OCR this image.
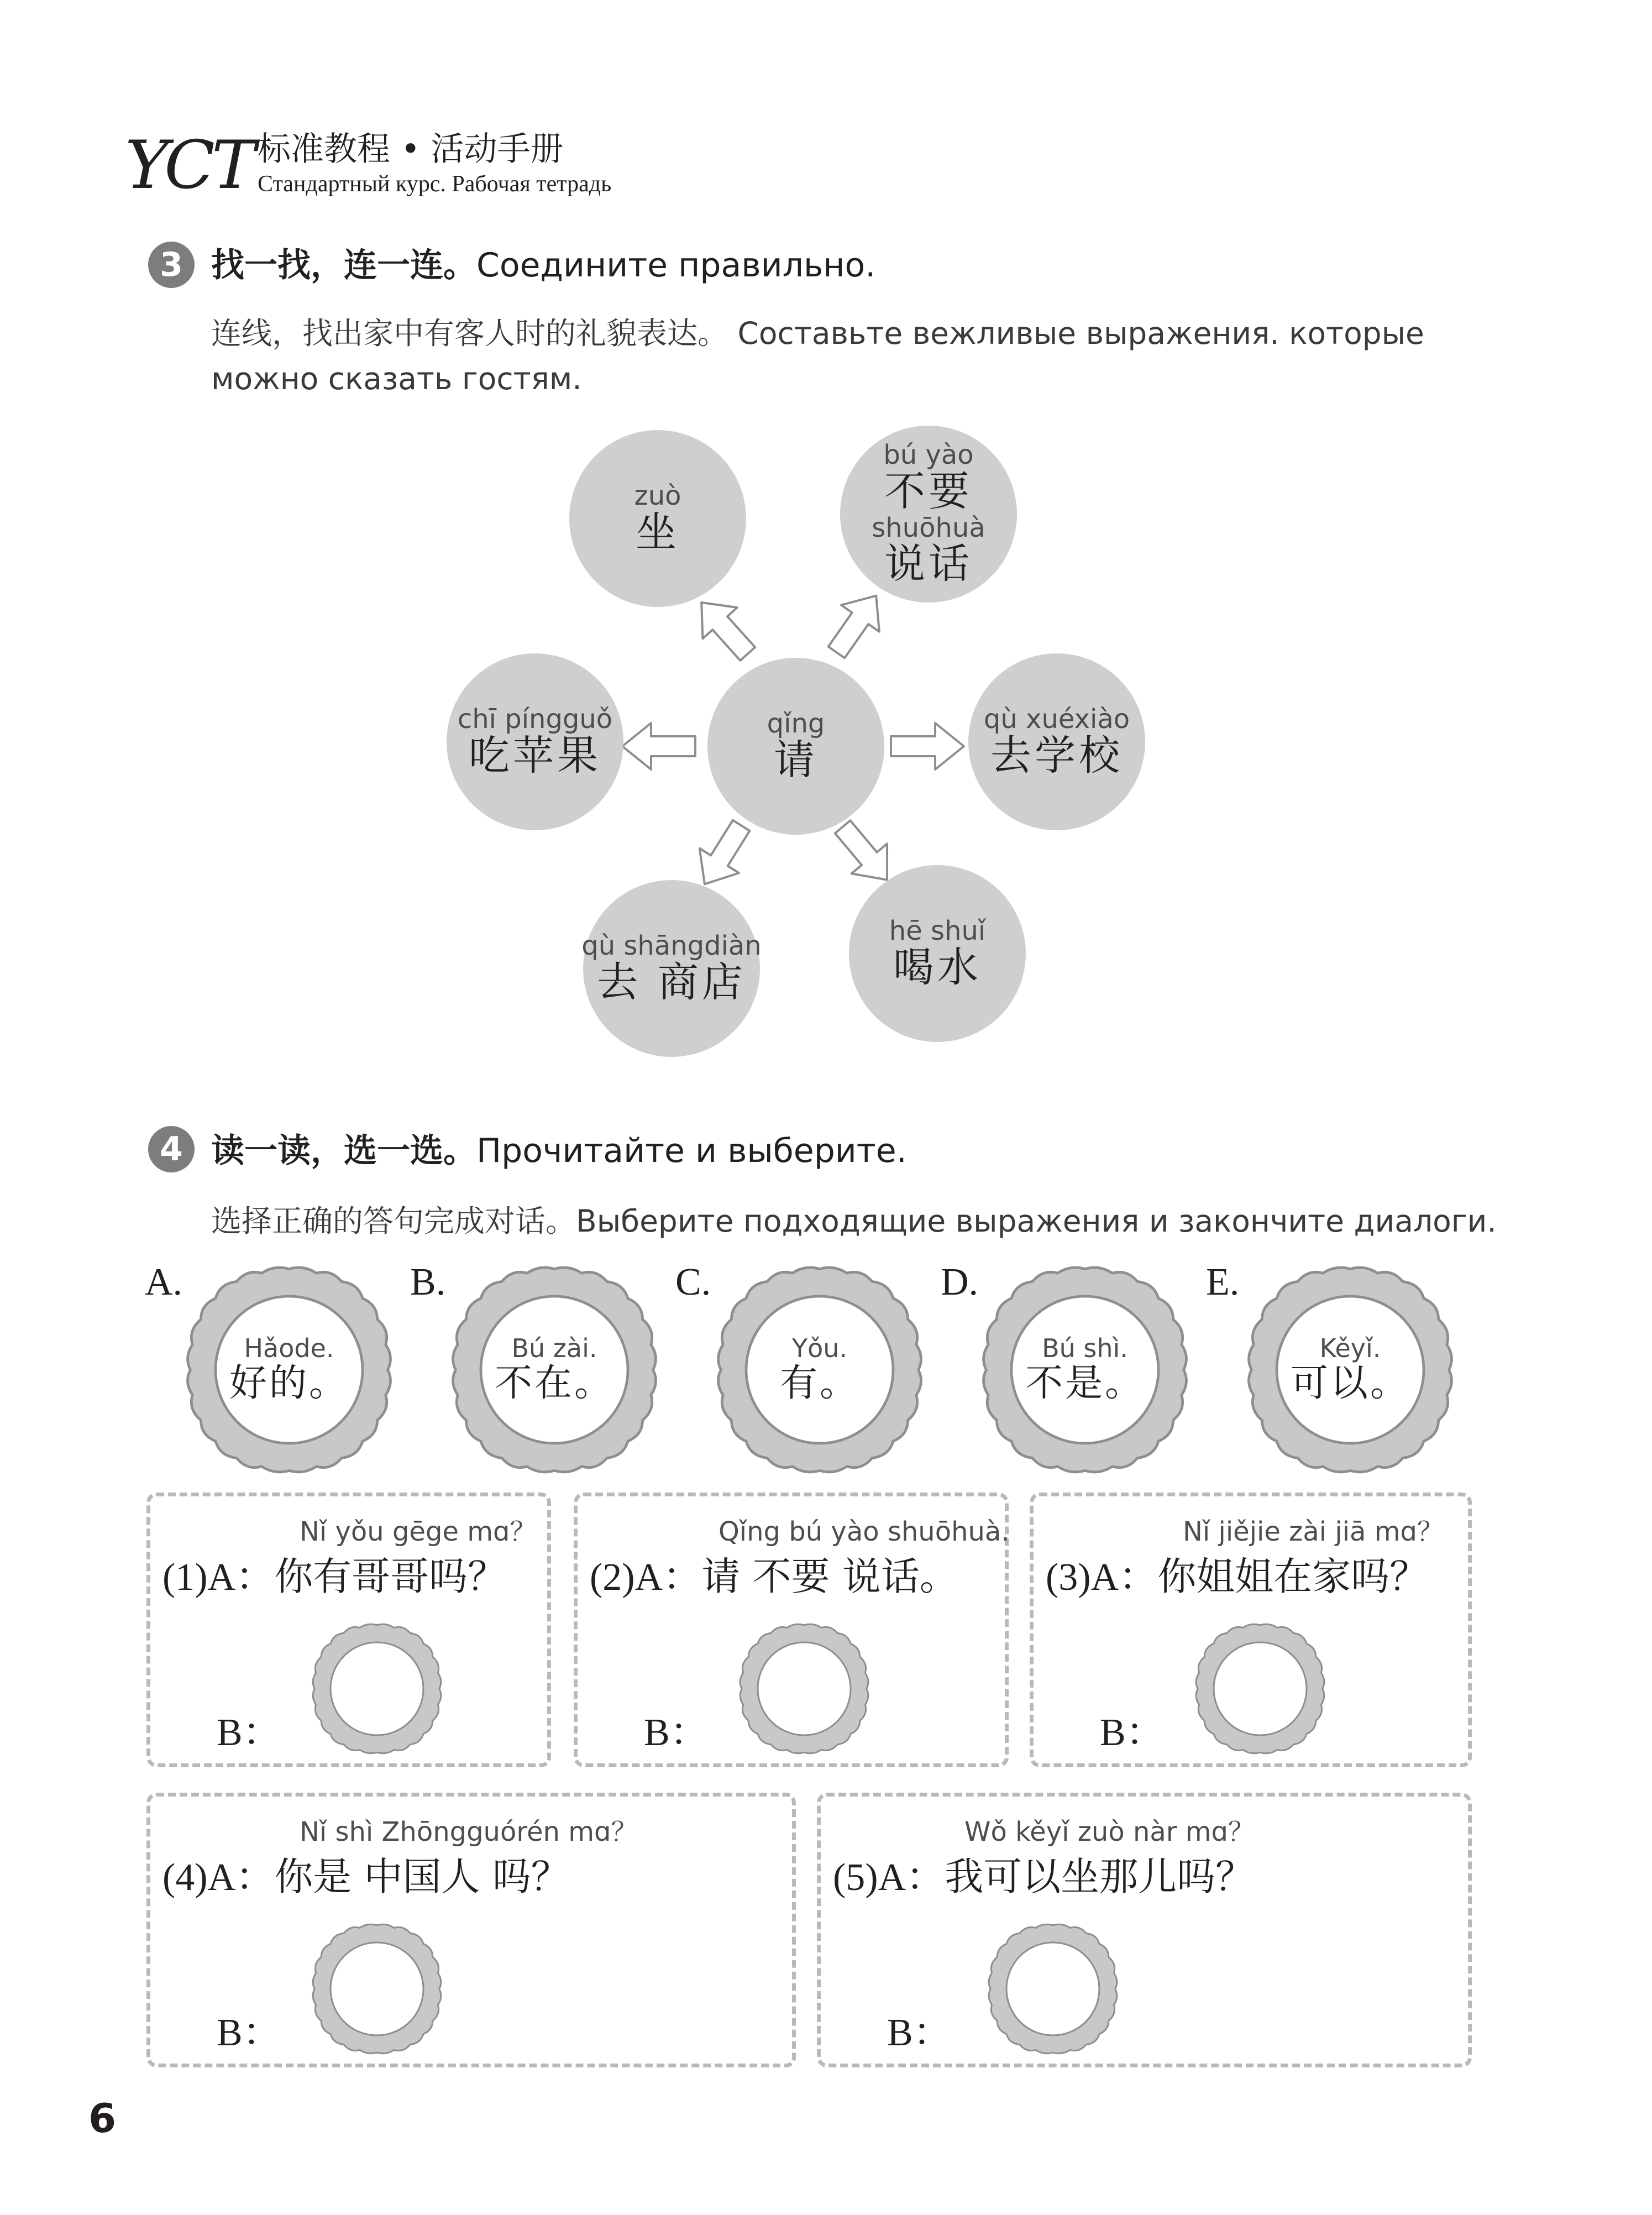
YCT 标准教程 • 活动手册
Стандартный курс. Рабочая тетрадь
3 找一找，连一连。Соедините правильно.
连线，找出家中有客人时的礼貌表达。 Составьте вежливые выражения. которые
можно сказать гостям.
qǐng
请
zuò
坐
bú yào
不要
shuōhuà
说话
chī píngguǒ
吃苹果
qù xuéxiào
去学校
qù shāngdiàn
去 商店
hē shuǐ
喝水
4 读一读，选一选。Прочитайте и выберите.
选择正确的答句完成对话。Выберите подходящие выражения и закончите диалоги.
A.
Hǎode.
好的。
B.
Bú zài.
不在。
C.
Yǒu.
有。
D.
Bú shì.
不是。
E.
Kěyǐ.
可以。
Nǐ yǒu gēge mɑ？
(1)A：你有哥哥吗？
B：
Qǐng bú yào shuōhuà.
(2)A：请 不要 说话。
B：
Nǐ jiějie zài jiā mɑ？
(3)A：你姐姐在家吗？
B：
Nǐ shì Zhōngguórén mɑ？
(4)A：你是 中国人 吗？
B：
Wǒ kěyǐ zuò nàr mɑ？
(5)A：我可以坐那儿吗？
B：
6
